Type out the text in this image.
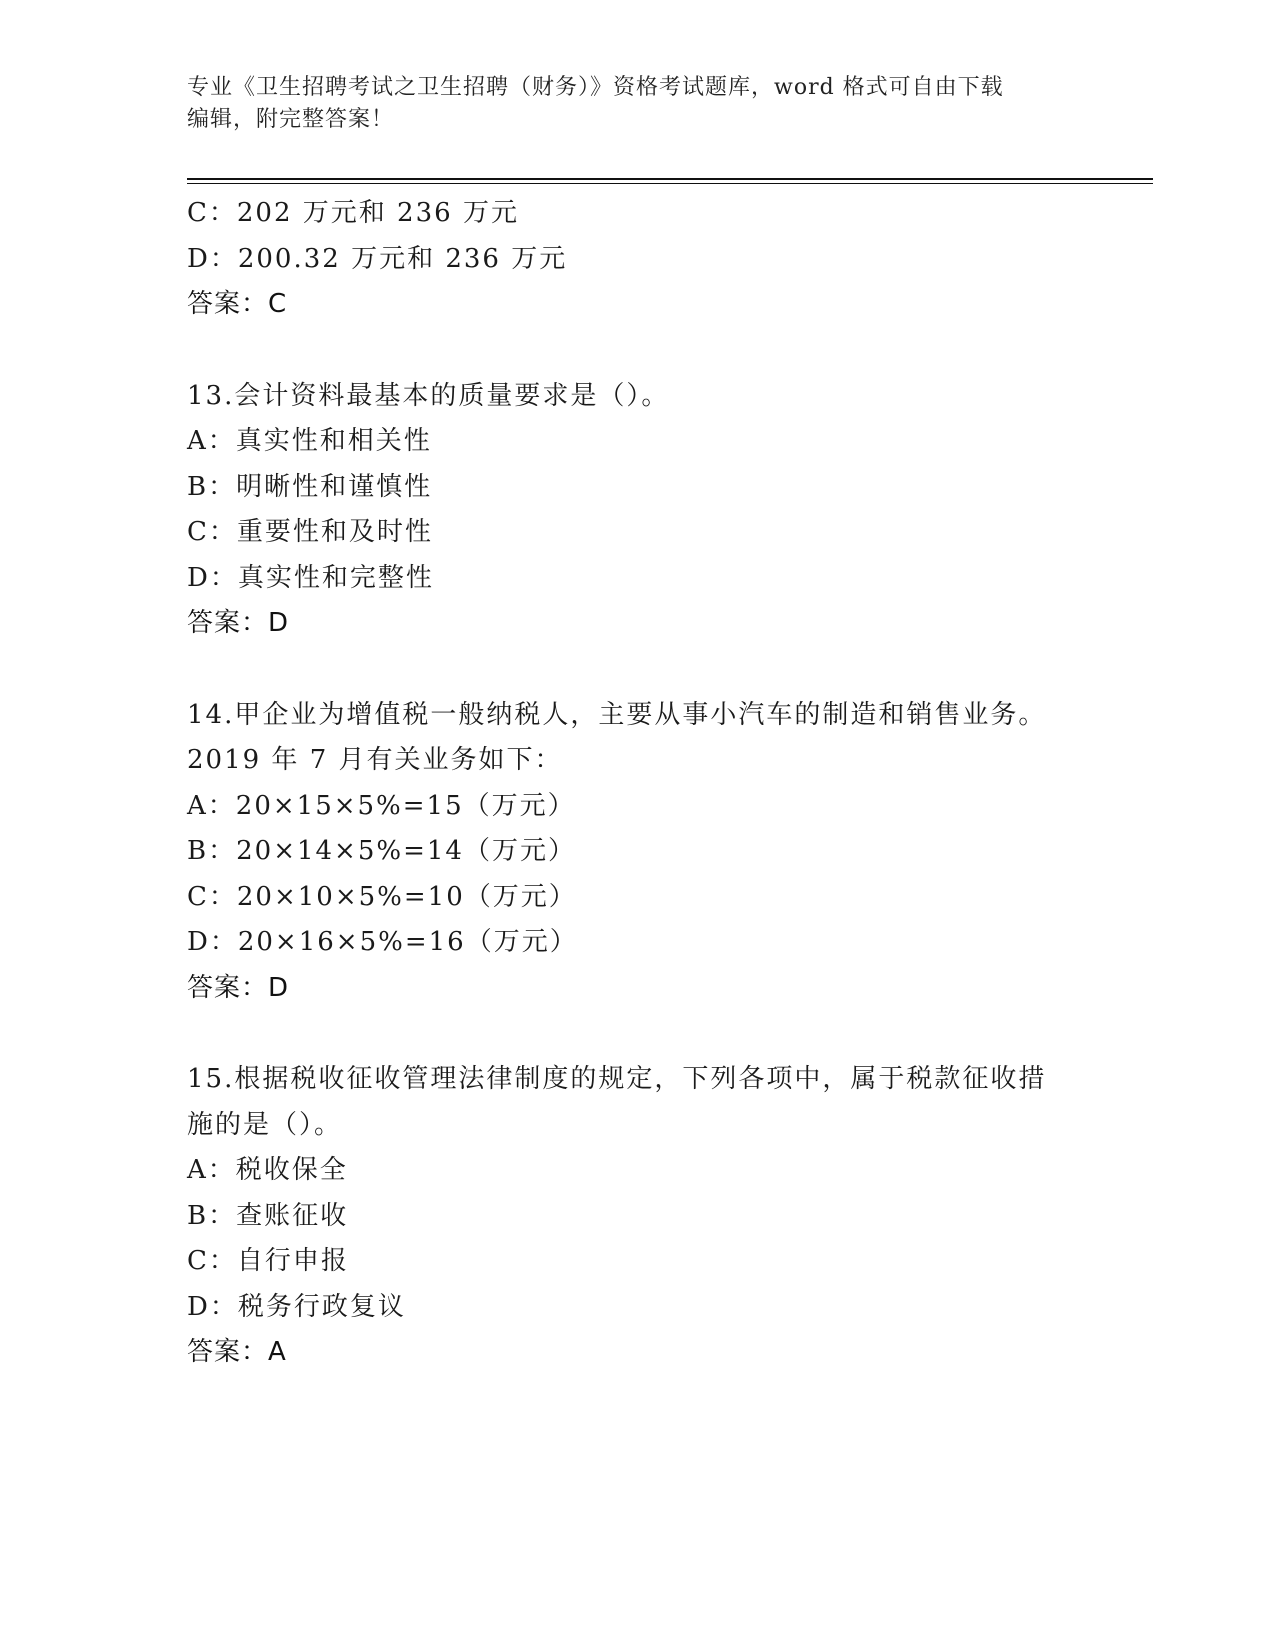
专业《卫生招聘考试之卫生招聘（财务）》资格考试题库，word 格式可自由下载
编辑，附完整答案！
C：202 万元和 236 万元
D：200.32 万元和 236 万元
答案：C
13.会计资料最基本的质量要求是（）。
A：真实性和相关性
B：明晰性和谨慎性
C：重要性和及时性
D：真实性和完整性
答案：D
14.甲企业为增值税一般纳税人，主要从事小汽车的制造和销售业务。
2019 年 7 月有关业务如下：
A：20×15×5%=15（万元）
B：20×14×5%=14（万元）
C：20×10×5%=10（万元）
D：20×16×5%=16（万元）
答案：D
15.根据税收征收管理法律制度的规定，下列各项中，属于税款征收措
施的是（）。
A：税收保全
B：查账征收
C：自行申报
D：税务行政复议
答案：A
